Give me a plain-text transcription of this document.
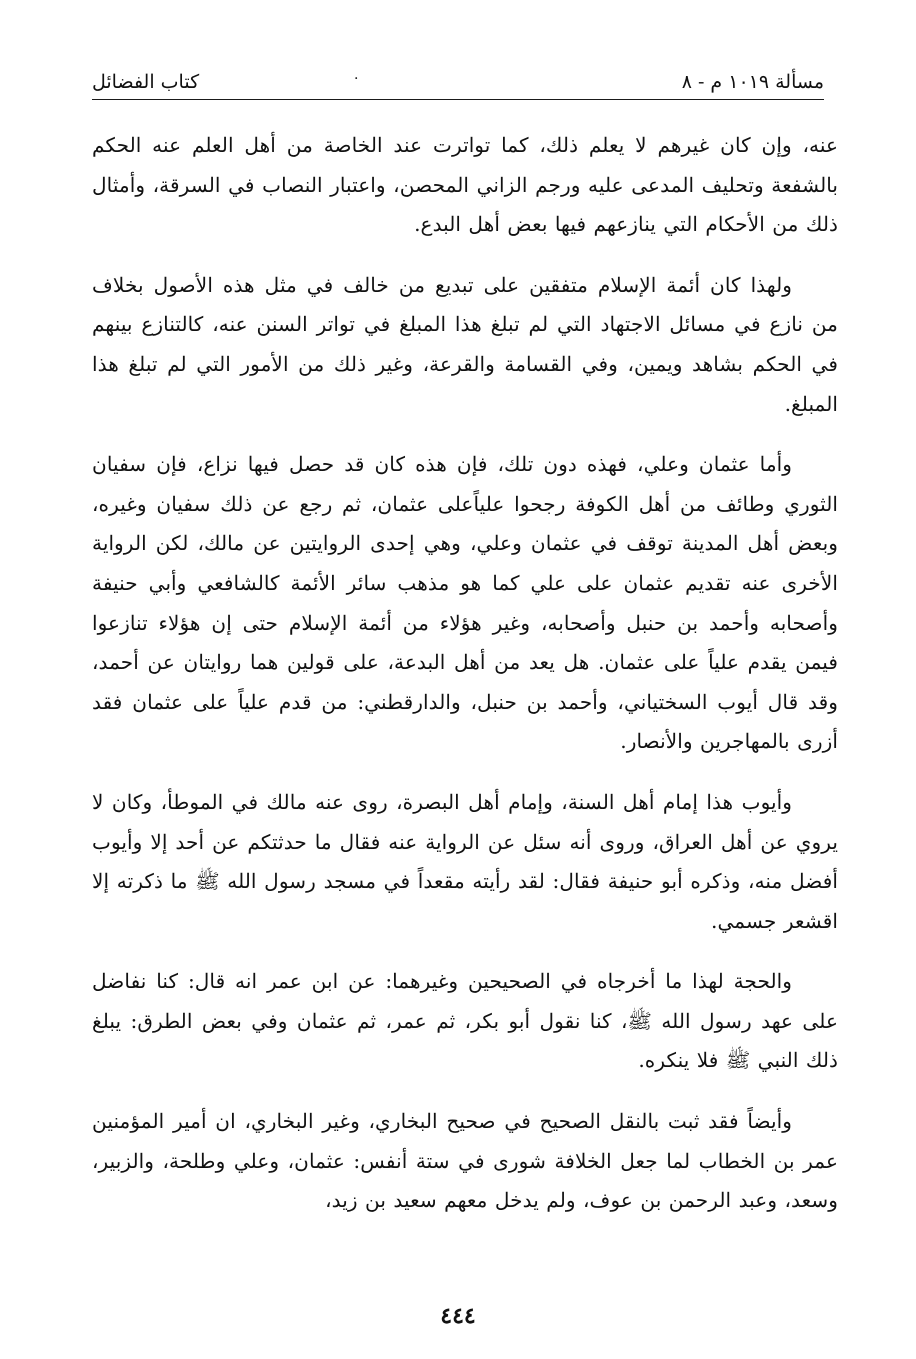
مسألة ١٠١٩ م - ٨
·
كتاب الفضائل

عنه، وإن كان غيرهم لا يعلم ذلك، كما تواترت عند الخاصة من أهل العلم عنه الحكم بالشفعة وتحليف المدعى عليه ورجم الزاني المحصن، واعتبار النصاب في السرقة، وأمثال ذلك من الأحكام التي ينازعهم فيها بعض أهل البدع.

ولهذا كان أئمة الإسلام متفقين على تبديع من خالف في مثل هذه الأصول بخلاف من نازع في مسائل الاجتهاد التي لم تبلغ هذا المبلغ في تواتر السنن عنه، كالتنازع بينهم في الحكم بشاهد ويمين، وفي القسامة والقرعة، وغير ذلك من الأمور التي لم تبلغ هذا المبلغ.

وأما عثمان وعلي، فهذه دون تلك، فإن هذه كان قد حصل فيها نزاع، فإن سفيان الثوري وطائف من أهل الكوفة رجحوا علياًعلى عثمان، ثم رجع عن ذلك سفيان وغيره، وبعض أهل المدينة توقف في عثمان وعلي، وهي إحدى الروايتين عن مالك، لكن الرواية الأخرى عنه تقديم عثمان على علي كما هو مذهب سائر الأئمة كالشافعي وأبي حنيفة وأصحابه وأحمد بن حنبل وأصحابه، وغير هؤلاء من أئمة الإسلام حتى إن هؤلاء تنازعوا فيمن يقدم علياً على عثمان. هل يعد من أهل البدعة، على قولين هما روايتان عن أحمد، وقد قال أيوب السختياني، وأحمد بن حنبل، والدارقطني: من قدم علياً على عثمان فقد أزرى بالمهاجرين والأنصار.

وأيوب هذا إمام أهل السنة، وإمام أهل البصرة، روى عنه مالك في الموطأ، وكان لا يروي عن أهل العراق، وروى أنه سئل عن الرواية عنه فقال ما حدثتكم عن أحد إلا وأيوب أفضل منه، وذكره أبو حنيفة فقال: لقد رأيته مقعداً في مسجد رسول الله ﷺ ما ذكرته إلا اقشعر جسمي.

والحجة لهذا ما أخرجاه في الصحيحين وغيرهما: عن ابن عمر انه قال: كنا نفاضل على عهد رسول الله ﷺ، كنا نقول أبو بكر، ثم عمر، ثم عثمان وفي بعض الطرق: يبلغ ذلك النبي ﷺ فلا ينكره.

وأيضاً فقد ثبت بالنقل الصحيح في صحيح البخاري، وغير البخاري، ان أمير المؤمنين عمر بن الخطاب لما جعل الخلافة شورى في ستة أنفس: عثمان، وعلي وطلحة، والزبير، وسعد، وعبد الرحمن بن عوف، ولم يدخل معهم سعيد بن زيد،

٤٤٤
